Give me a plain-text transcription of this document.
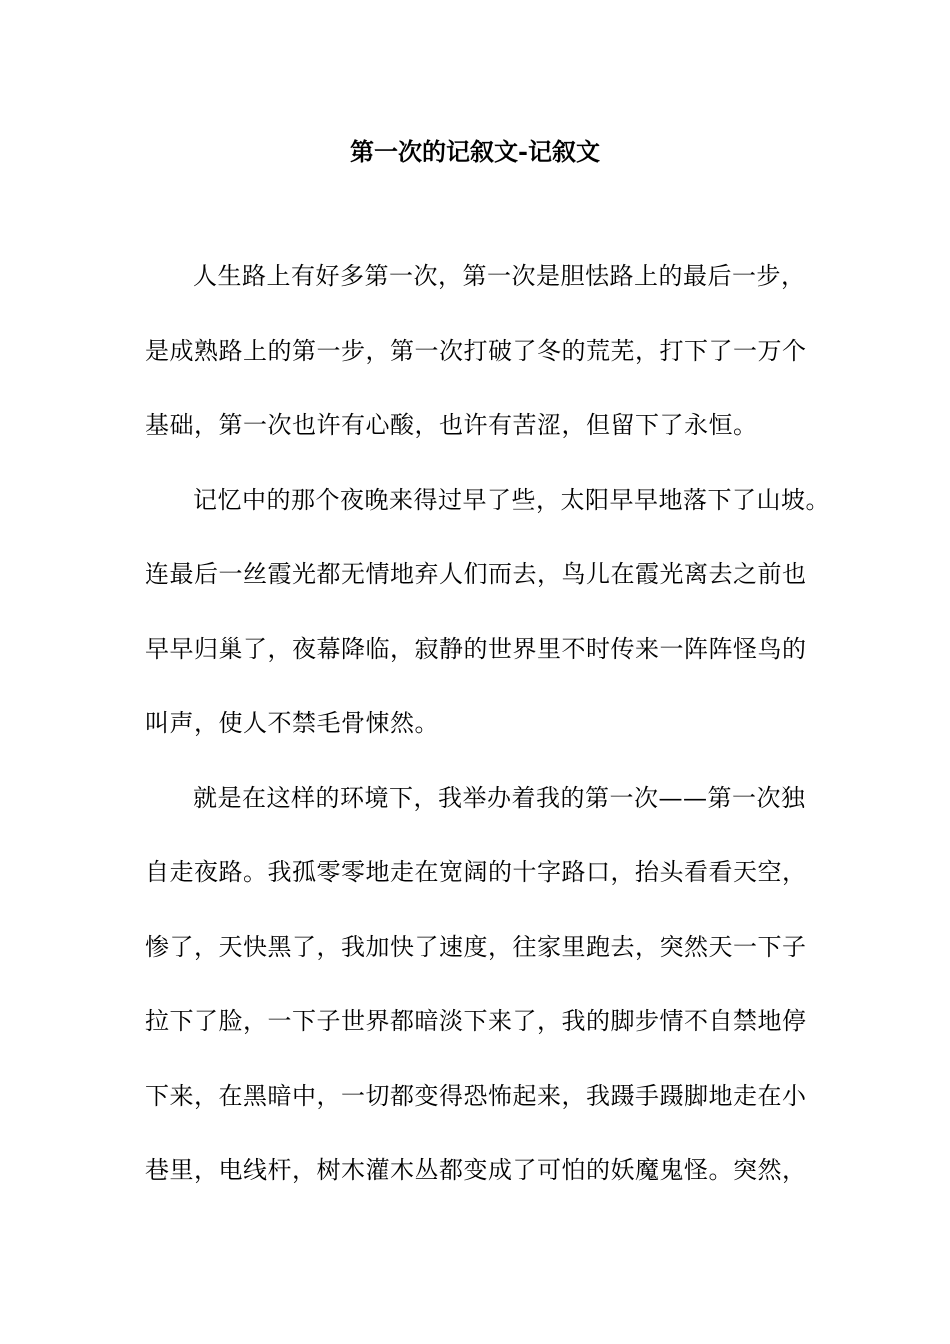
第一次的记叙文-记叙文
人生路上有好多第一次，第一次是胆怯路上的最后一步，
是成熟路上的第一步，第一次打破了冬的荒芜，打下了一万个
基础，第一次也许有心酸，也许有苦涩，但留下了永恒。
记忆中的那个夜晚来得过早了些，太阳早早地落下了山坡。
连最后一丝霞光都无情地弃人们而去，鸟儿在霞光离去之前也
早早归巢了，夜幕降临，寂静的世界里不时传来一阵阵怪鸟的
叫声，使人不禁毛骨悚然。
就是在这样的环境下，我举办着我的第一次——第一次独
自走夜路。我孤零零地走在宽阔的十字路口，抬头看看天空，
惨了，天快黑了，我加快了速度，往家里跑去，突然天一下子
拉下了脸，一下子世界都暗淡下来了，我的脚步情不自禁地停
下来，在黑暗中，一切都变得恐怖起来，我蹑手蹑脚地走在小
巷里，电线杆，树木灌木丛都变成了可怕的妖魔鬼怪。突然，
